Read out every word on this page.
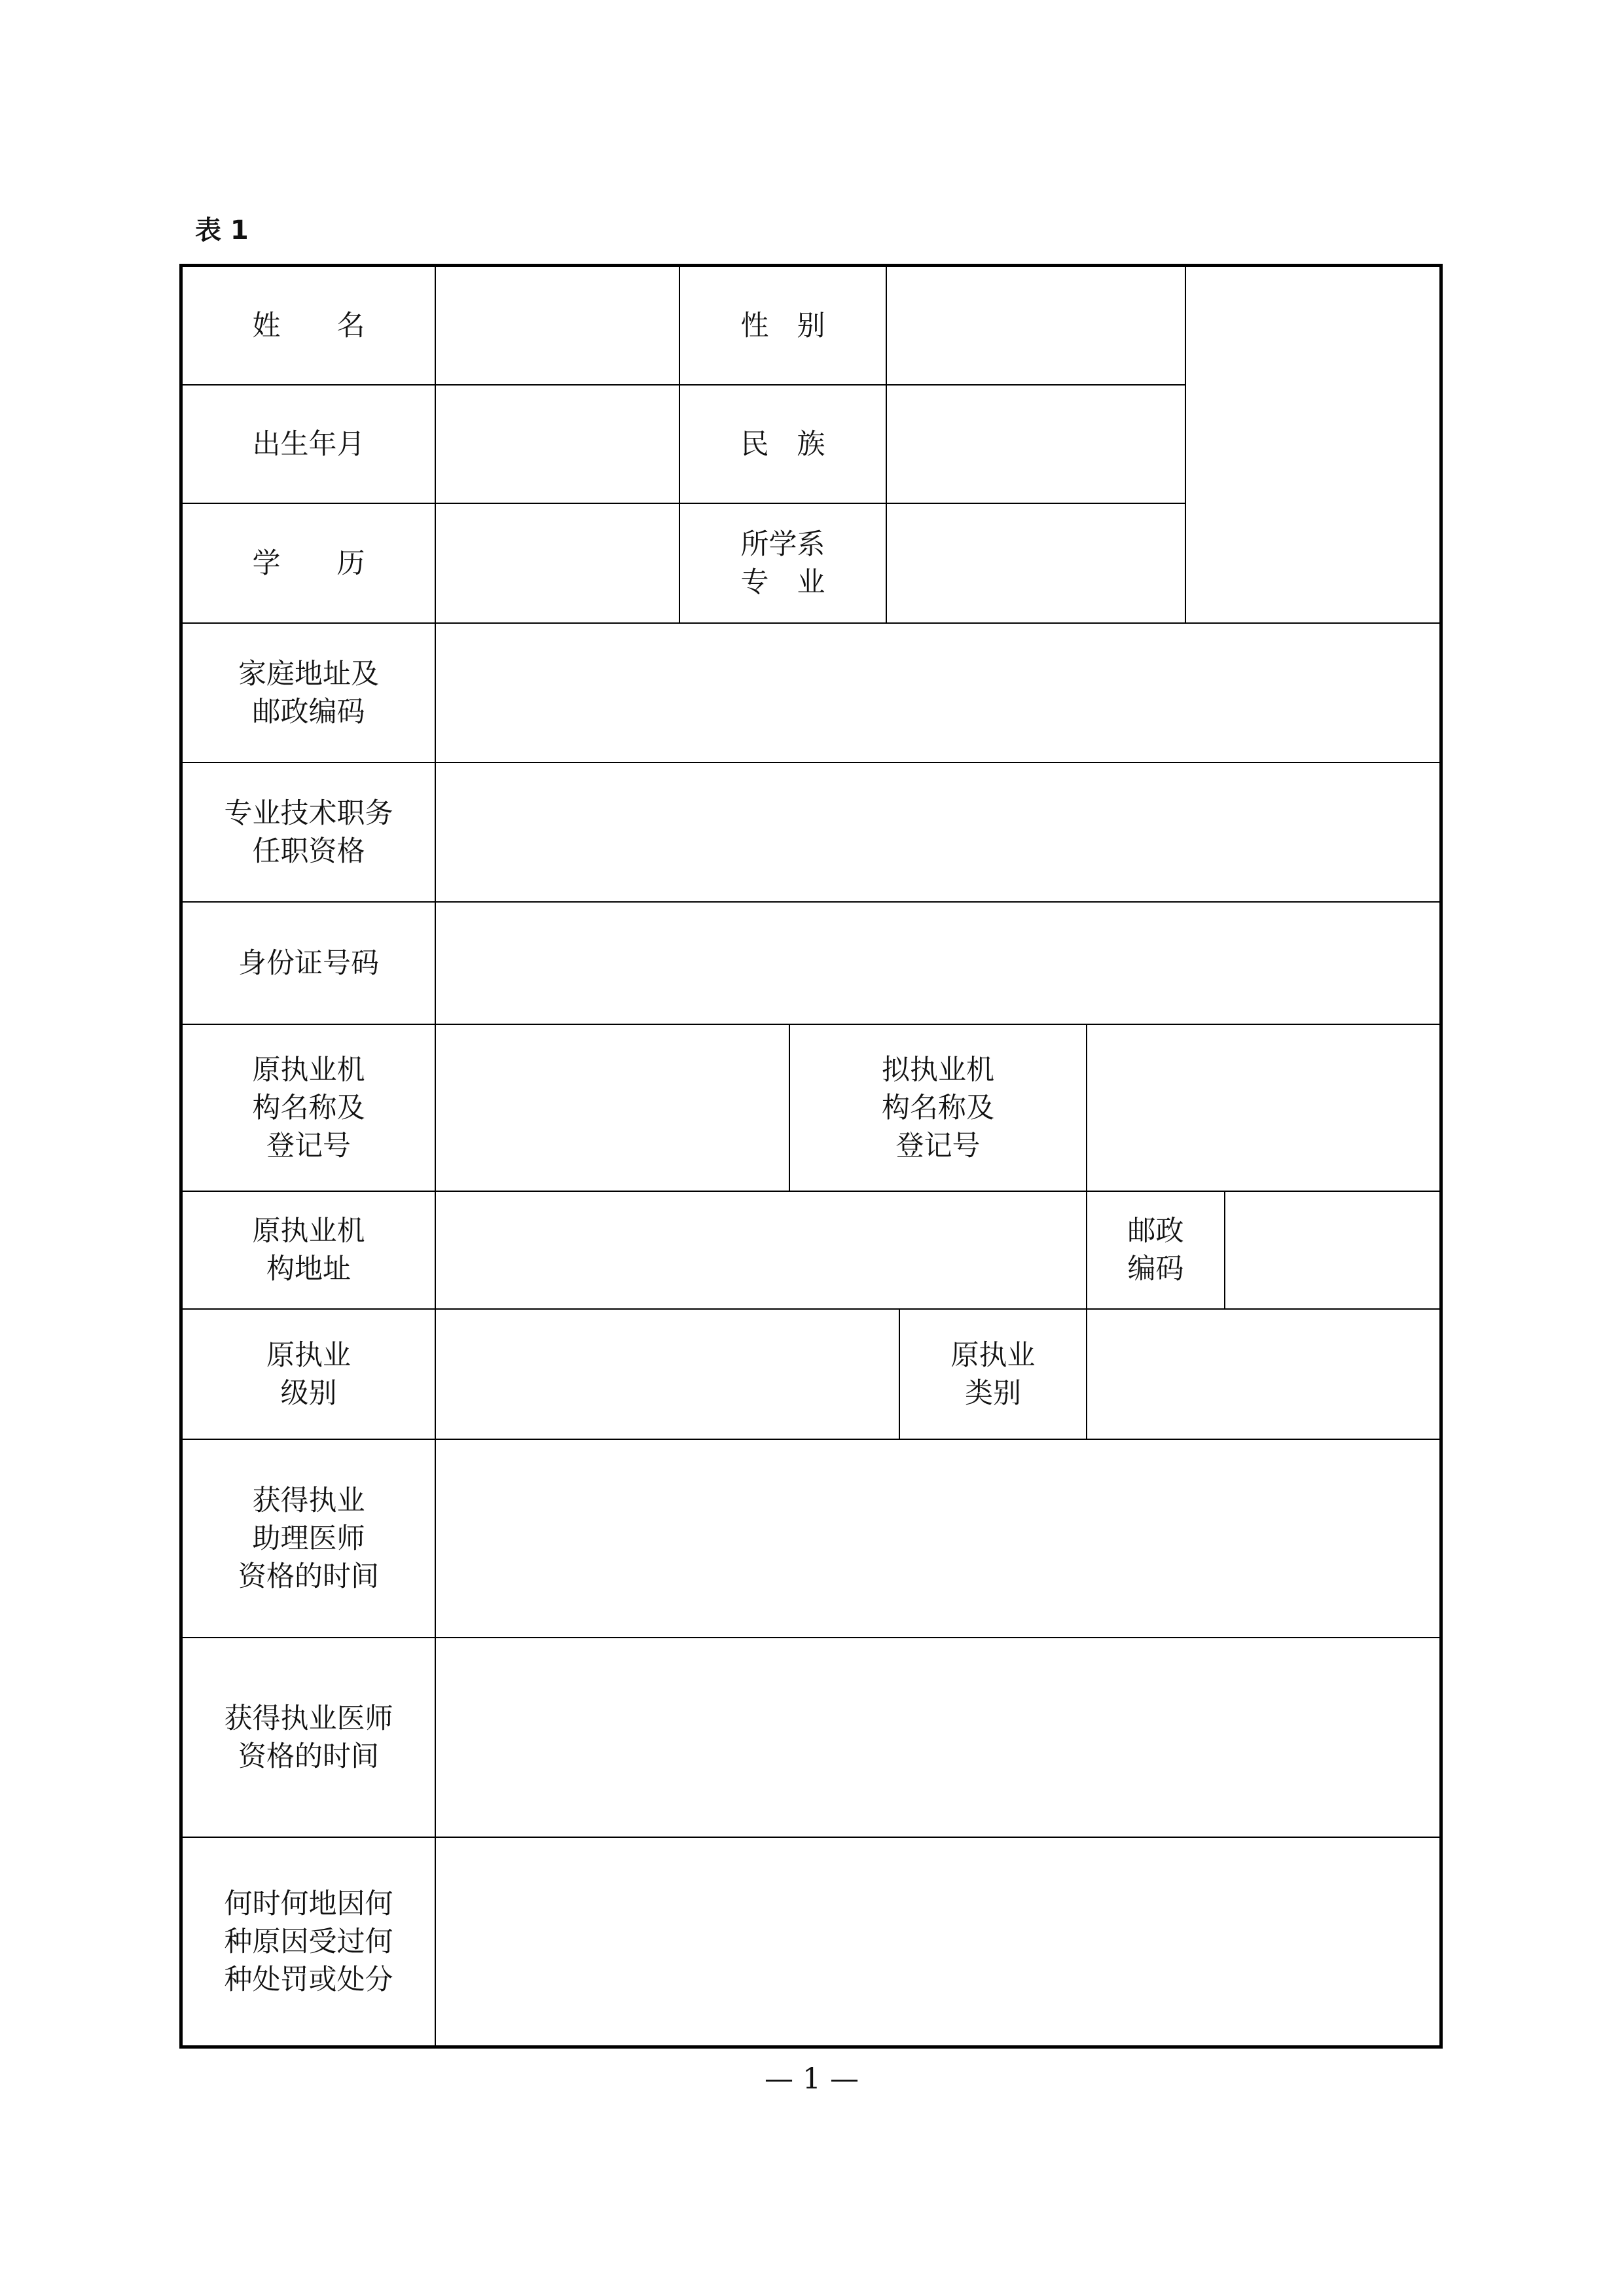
表 1
姓　　名	性　别
出生年月	民　族
学　　历
所学系
专　业
家庭地址及
邮政编码
专业技术职务
任职资格
身份证号码
原执业机
构名称及
登记号
拟执业机
构名称及
登记号
原执业机
构地址
邮政
编码
原执业
级别
原执业
类别
获得执业
助理医师
资格的时间
获得执业医师
资格的时间
何时何地因何
种原因受过何
种处罚或处分
— 1 —
